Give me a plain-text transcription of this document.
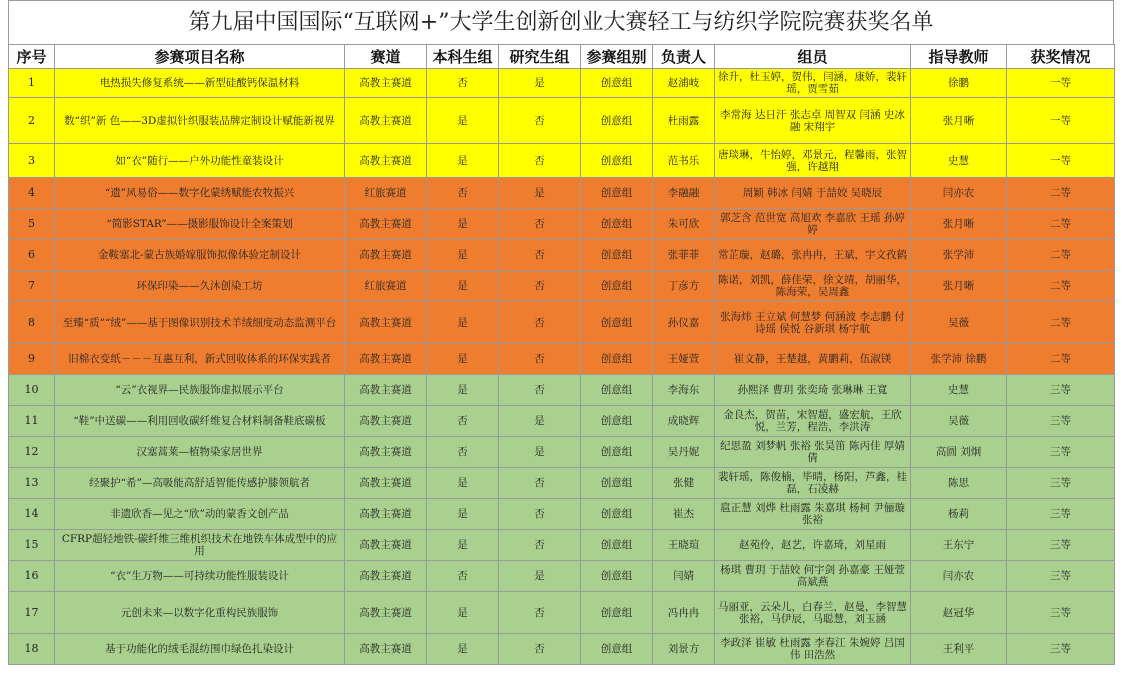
第九届中国国际“互联网+”大学生创新创业大赛轻工与纺织学院院赛获奖名单
序号	参赛项目名称	赛道	本科生组	研究生组	参赛组别	负责人	组员	指导教师	获奖情况
1	电热损失修复系统——新型硅酸钙保温材料	高教主赛道	否	是	创意组	赵浦岐	徐升，杜玉婷，贺伟，闫涵，康娇，裴轩瑶，贾雪茹	徐鹏	一等
2	数“织”新 色——3D虚拟针织服装品牌定制设计赋能新视界	高教主赛道	是	否	创意组	杜雨露	李常海 达日汗 张志卓 周智双 闫涵 史冰融 宋翔宇	张月晰	一等
3	如“衣”随行——户外功能性童装设计	高教主赛道	是	否	创意组	范书乐	唐琰琳，牛怡婷，邓景元，程馨雨，张智强，许越翔	史慧	一等
4	“遗”风易俗——数字化蒙绣赋能农牧振兴	红旅赛道	否	是	创意组	李融融	周颖 韩冰 闫婧 于喆姣 吴晓辰	闫亦农	二等
5	“简影STAR”——摄影服饰设计全案策划	高教主赛道	是	否	创意组	朱可欣	郭芝含 范世宽 高旭欢 李嘉欣 王瑶 孙婷婷	张月晰	二等
6	金鞍塞北-蒙古族婚嫁服饰拟像体验定制设计	高教主赛道	是	否	创意组	张菲菲	常芷璇，赵璐，张冉冉，王斌，宇文孜鹤	张学沛	二等
7	环保印染——久沐创染工坊	红旅赛道	是	否	创意组	丁彦方	陈诺，刘凯，薛佳荣，徐文靖，胡丽华，陈海荣，吴周鑫	张月晰	二等
8	至臻“质”“绒”——基于图像识别技术羊绒细度动态监测平台	高教主赛道	是	否	创意组	孙仪嘉	张海炜 王立斌 何慧梦 何涵波 李志鹏 付诗瑶 侯悦 谷新琪 杨宇航	吴薇	二等
9	旧棉衣变纸－－－互惠互利，新式回收体系的环保实践者	高教主赛道	是	否	创意组	王娅萱	崔文静，王楚越，黄鹏莉，伍淑镁	张学沛 徐鹏	二等
10	“云”衣视界—民族服饰虚拟展示平台	高教主赛道	是	否	创意组	李海东	孙熙泽 曹玥 张奕琦 张琳琳 王寬	史慧	三等
11	“鞋”中送碳——利用回收碳纤维复合材料制备鞋底碳板	高教主赛道	否	是	创意组	成晓辉	金良杰，贺苗，宋智超，盛宏航，王欣悦，兰芳，程浩，李洪涛	吴薇	三等
12	汉塞蒿莱—植物染家居世界	高教主赛道	否	是	创意组	吴丹妮	纪思盈 刘梦帆 张裕 张昊笛 陈丙佳 厚婧倩	高圆 刘炯	三等
13	经聚护“希”—高吸能高舒适智能传感护膝领航者	高教主赛道	是	否	创意组	张健	裴轩瑶，陈俊楠，毕晴，杨阳，芦鑫，桂磊，石凌赫	陈思	三等
14	非遗欣香—见之“欣”动的蒙香文创产品	高教主赛道	是	否	创意组	崔杰	扈正慧 刘烨 杜雨露 朱嘉琪 杨柯 尹俪璇 张裕	杨莉	三等
15	CFRP超轻地铁-碳纤维三维机织技术在地铁车体成型中的应用	高教主赛道	是	否	创意组	王晓瑄	赵苑伶，赵艺，许嘉琦，刘星雨	王东宁	三等
16	“衣”生万物——可持续功能性服装设计	高教主赛道	否	是	创意组	闫婧	杨琪 曹玥 于喆姣 何宇剑 孙嘉豪 王娅萱 高斌燕	闫亦农	三等
17	元创未来—以数字化重构民族服饰	高教主赛道	是	否	创意组	冯冉冉	马丽亚，云朵儿，白春兰，赵曼，李智慧 张裕，马伊辰，马聪慧，刘玉涵	赵冠华	三等
18	基于功能化的绒毛混纺围巾绿色扎染设计	高教主赛道	是	否	创意组	刘景方	李政泽 崔敏 杜雨露 李春江 朱婉婷 吕国伟 田浩然	王利平	三等
